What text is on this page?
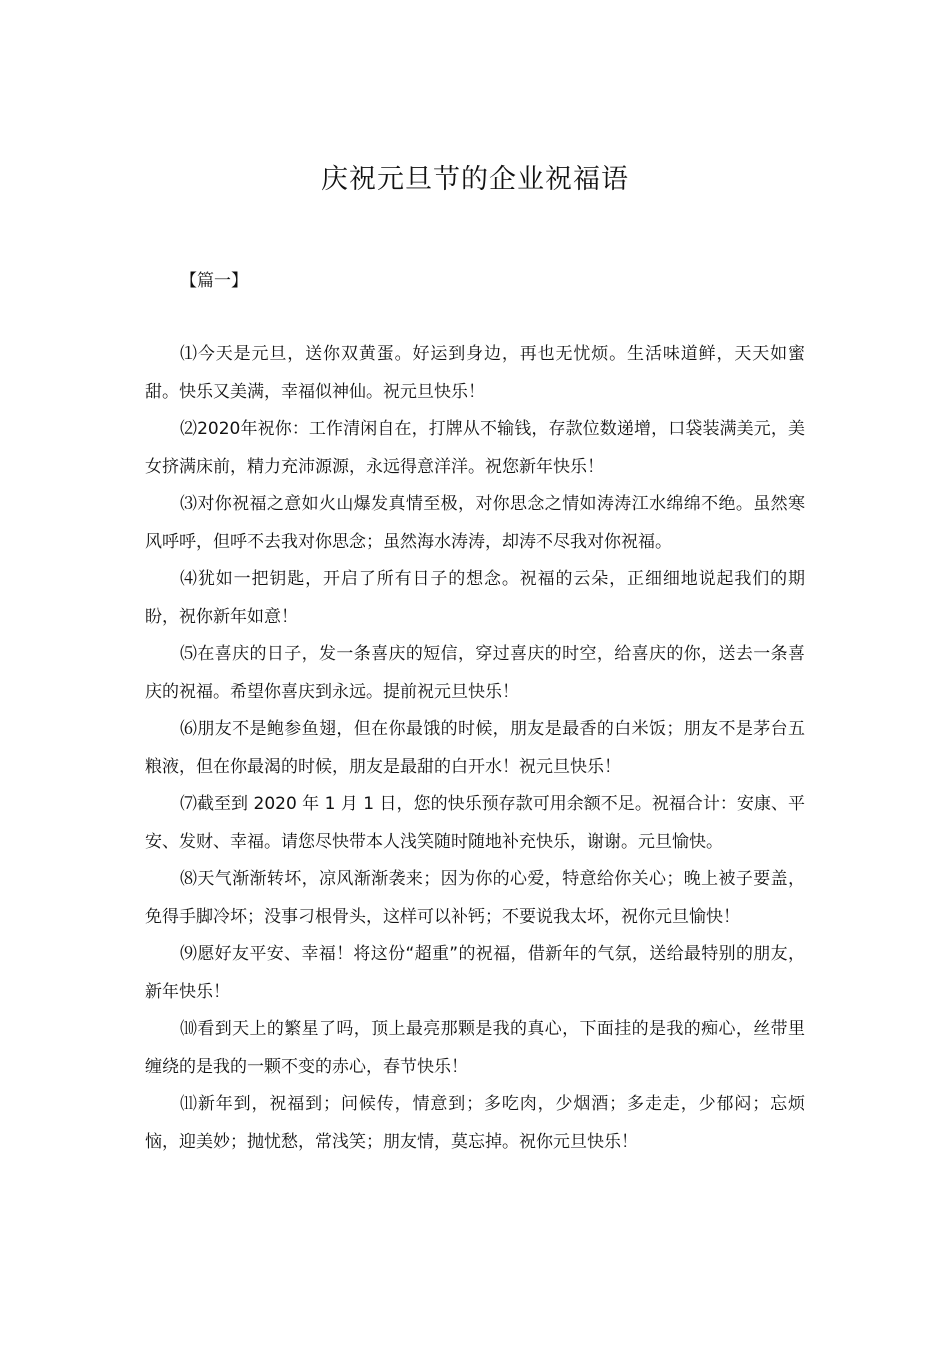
庆祝元旦节的企业祝福语

【篇一】

⑴今天是元旦，送你双黄蛋。好运到身边，再也无忧烦。生活味道鲜，天天如蜜甜。快乐又美满，幸福似神仙。祝元旦快乐！

⑵2020年祝你：工作清闲自在，打牌从不输钱，存款位数递增，口袋装满美元，美女挤满床前，精力充沛源源，永远得意洋洋。祝您新年快乐！

⑶对你祝福之意如火山爆发真情至极，对你思念之情如涛涛江水绵绵不绝。虽然寒风呼呼，但呼不去我对你思念；虽然海水涛涛，却涛不尽我对你祝福。

⑷犹如一把钥匙，开启了所有日子的想念。祝福的云朵，正细细地说起我们的期盼，祝你新年如意！

⑸在喜庆的日子，发一条喜庆的短信，穿过喜庆的时空，给喜庆的你，送去一条喜庆的祝福。希望你喜庆到永远。提前祝元旦快乐！

⑹朋友不是鲍参鱼翅，但在你最饿的时候，朋友是最香的白米饭；朋友不是茅台五粮液，但在你最渴的时候，朋友是最甜的白开水！祝元旦快乐！

⑺截至到 2020 年 1 月 1 日，您的快乐预存款可用余额不足。祝福合计：安康、平安、发财、幸福。请您尽快带本人浅笑随时随地补充快乐，谢谢。元旦愉快。

⑻天气渐渐转坏，凉风渐渐袭来；因为你的心爱，特意给你关心；晚上被子要盖，免得手脚冷坏；没事刁根骨头，这样可以补钙；不要说我太坏，祝你元旦愉快！

⑼愿好友平安、幸福！将这份“超重”的祝福，借新年的气氛，送给最特别的朋友，新年快乐！

⑽看到天上的繁星了吗，顶上最亮那颗是我的真心，下面挂的是我的痴心，丝带里缠绕的是我的一颗不变的赤心，春节快乐！

⑾新年到，祝福到；问候传，情意到；多吃肉，少烟酒；多走走，少郁闷；忘烦恼，迎美妙；抛忧愁，常浅笑；朋友情，莫忘掉。祝你元旦快乐！
